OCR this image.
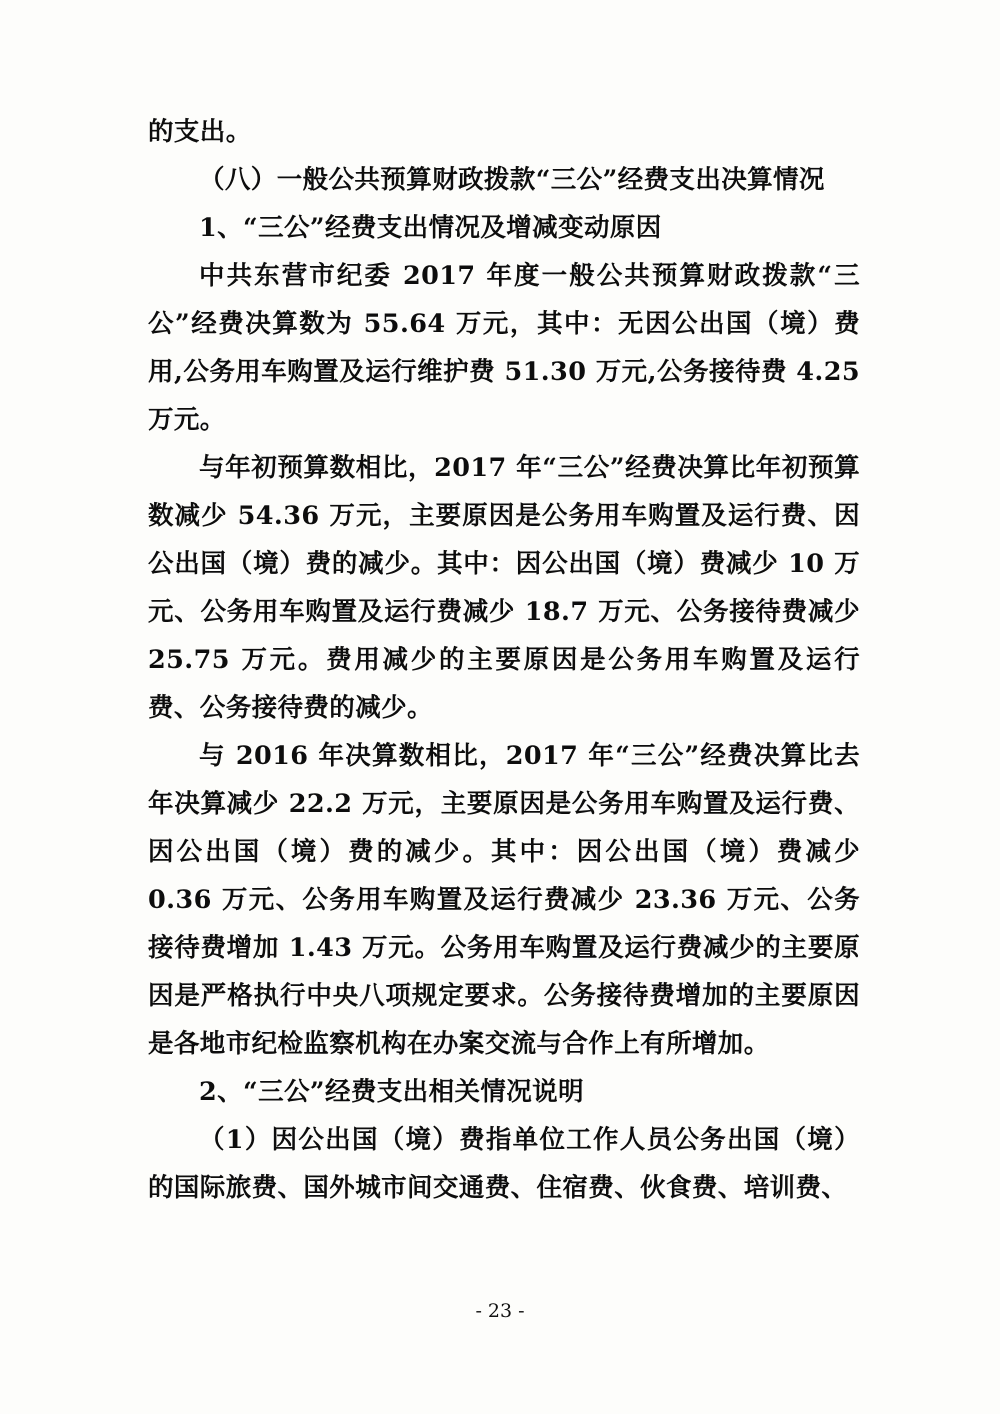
的支出。

（八）一般公共预算财政拨款“三公”经费支出决算情况

1、“三公”经费支出情况及增减变动原因

中共东营市纪委 2017 年度一般公共预算财政拨款“三公”经费决算数为 55.64 万元，其中：无因公出国（境）费用,公务用车购置及运行维护费 51.30 万元,公务接待费 4.25 万元。

与年初预算数相比，2017 年“三公”经费决算比年初预算数减少 54.36 万元，主要原因是公务用车购置及运行费、因公出国（境）费的减少。其中：因公出国（境）费减少 10 万元、公务用车购置及运行费减少 18.7 万元、公务接待费减少 25.75 万元。费用减少的主要原因是公务用车购置及运行费、公务接待费的减少。

与 2016 年决算数相比，2017 年“三公”经费决算比去年决算减少 22.2 万元，主要原因是公务用车购置及运行费、因公出国（境）费的减少。其中：因公出国（境）费减少 0.36 万元、公务用车购置及运行费减少 23.36 万元、公务接待费增加 1.43 万元。公务用车购置及运行费减少的主要原因是严格执行中央八项规定要求。公务接待费增加的主要原因是各地市纪检监察机构在办案交流与合作上有所增加。

2、“三公”经费支出相关情况说明

（1）因公出国（境）费指单位工作人员公务出国（境）的国际旅费、国外城市间交通费、住宿费、伙食费、培训费、

- 23 -
